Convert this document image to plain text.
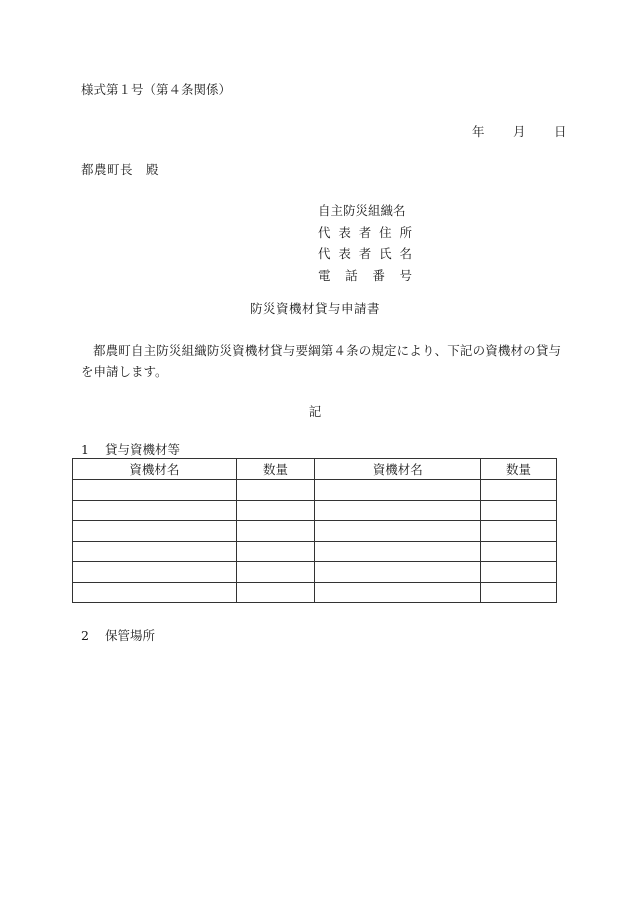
様式第１号（第４条関係）
年	月	日
都農町長　殿
自主防災組織名
代 表 者 住 所
代 表 者 氏 名
電 話 番 号
防災資機材貸与申請書
都農町自主防災組織防災資機材貸与要綱第４条の規定により、下記の資機材の貸与を申請します。
記
1 貸与資機材等
資機材名	数量	資機材名	数量

2 保管場所
